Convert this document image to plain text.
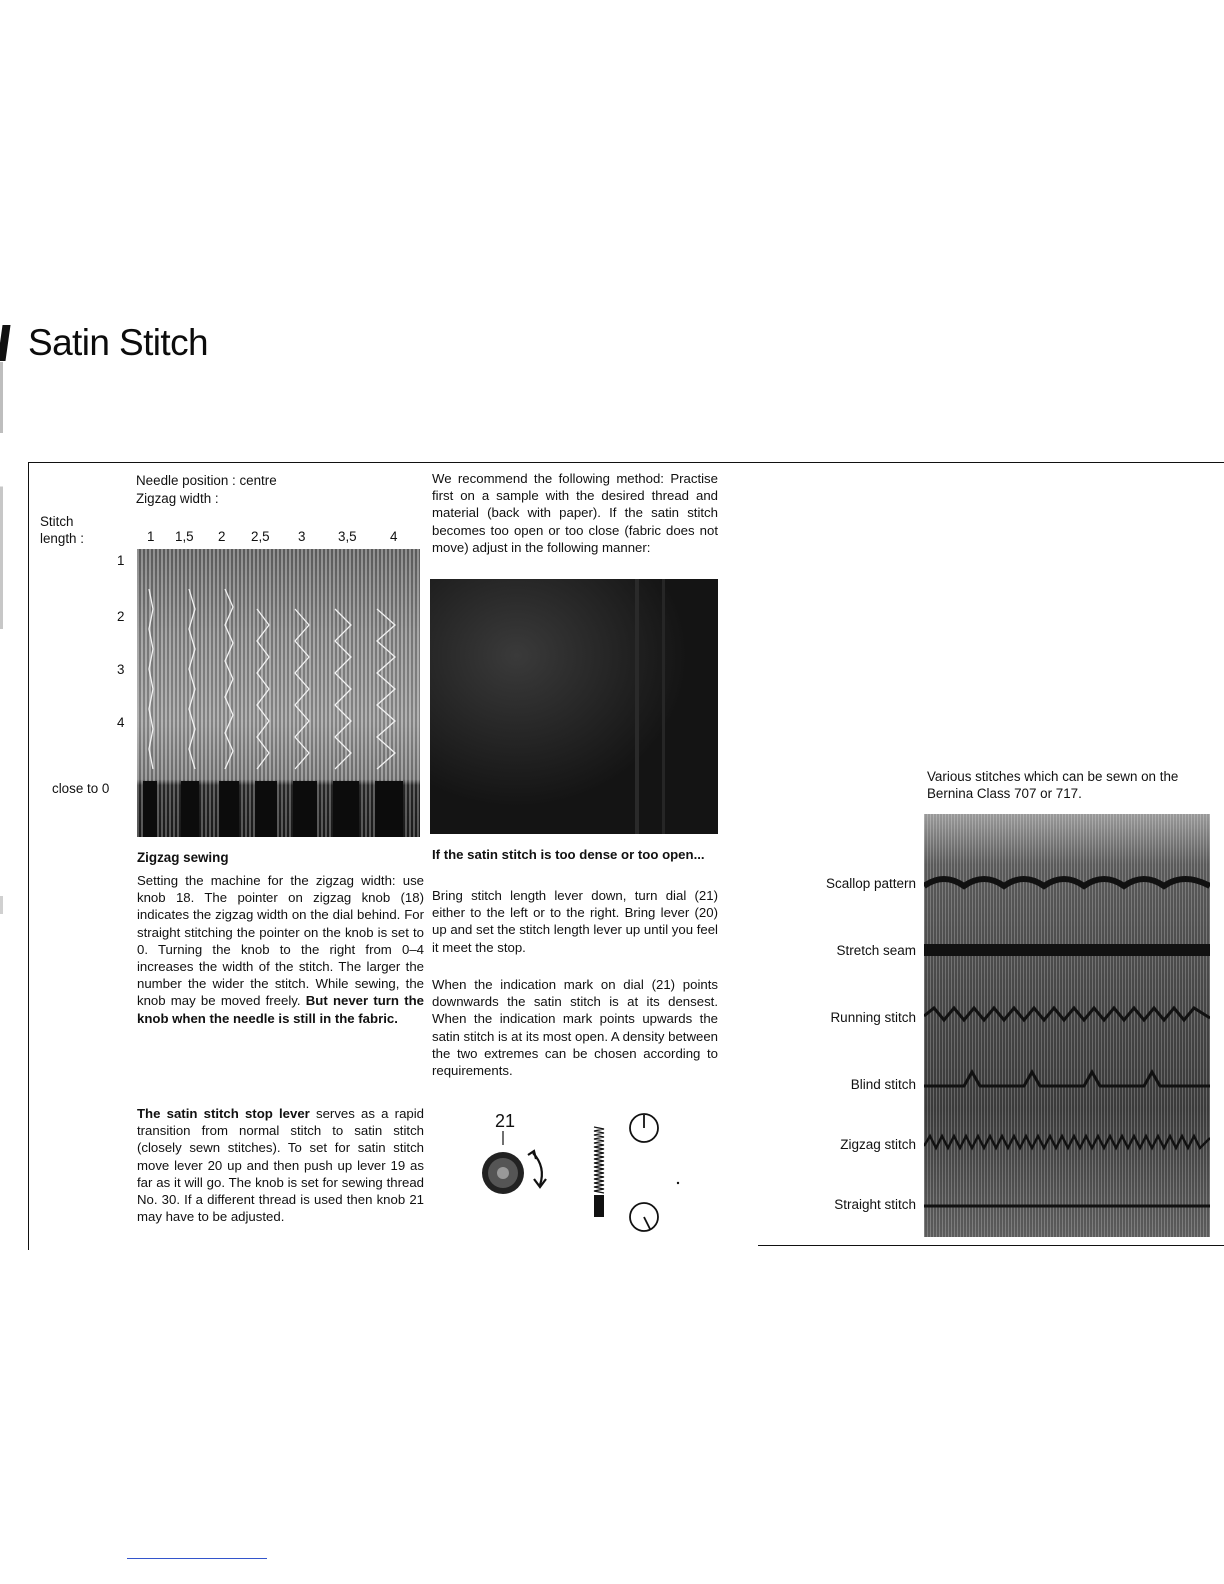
Satin Stitch
Needle position : centre
Zigzag width :
Stitch
length :	1 1,5 2 2,5 3 3,5 4
1
2
3
4
close to 0
Zigzag sewing
Setting the machine for the zigzag width: use knob 18. The pointer on zigzag knob (18) indicates the zigzag width on the dial behind. For straight stitching the pointer on the knob is set to 0. Turning the knob to the right from 0–4 increases the width of the stitch. The larger the number the wider the stitch. While sewing, the knob may be moved freely. But never turn the knob when the needle is still in the fabric.
The satin stitch stop lever serves as a rapid transition from normal stitch to satin stitch (closely sewn stitches). To set for satin stitch move lever 20 up and then push up lever 19 as far as it will go. The knob is set for sewing thread No. 30. If a different thread is used then knob 21 may have to be adjusted.
We recommend the following method: Practise first on a sample with the desired thread and material (back with paper). If the satin stitch becomes too open or too close (fabric does not move) adjust in the following manner:
If the satin stitch is too dense or too open...
Bring stitch length lever down, turn dial (21) either to the left or to the right. Bring lever (20) up and set the stitch length lever up until you feel it meet the stop.
When the indication mark on dial (21) points downwards the satin stitch is at its densest. When the indication mark points upwards the satin stitch is at its most open. A density between the two extremes can be chosen according to requirements.
21
Various stitches which can be sewn on the Bernina Class 707 or 717.
Scallop pattern
Stretch seam
Running stitch
Blind stitch
Zigzag stitch
Straight stitch
